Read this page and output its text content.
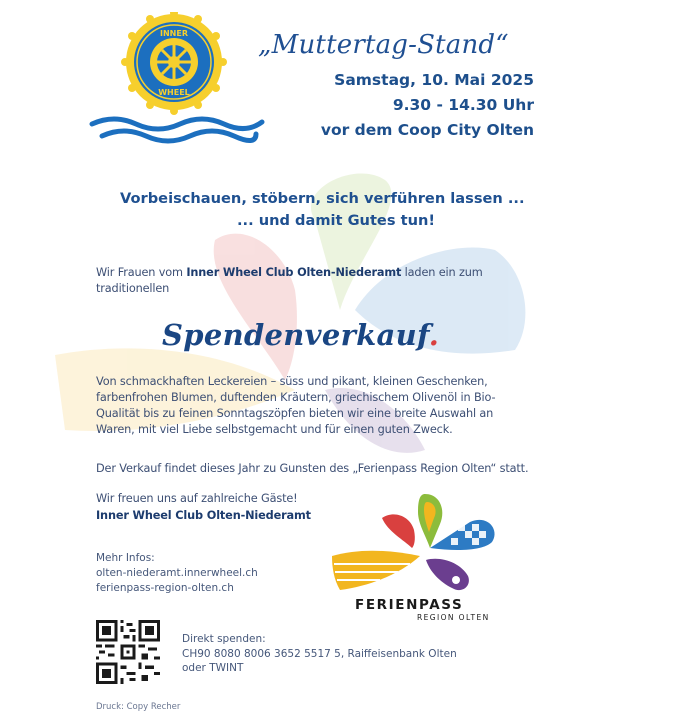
INNER
WHEEL
„Muttertag-Stand“
Samstag, 10. Mai 2025
9.30 - 14.30 Uhr
vor dem Coop City Olten
Vorbeischauen, stöbern, sich verführen lassen ...
... und damit Gutes tun!
Wir Frauen vom Inner Wheel Club Olten-Niederamt laden ein zum
traditionellen
Spendenverkauf.
Von schmackhaften Leckereien – süss und pikant, kleinen Geschenken,
farbenfrohen Blumen, duftenden Kräutern, griechischem Olivenöl in Bio-
Qualität bis zu feinen Sonntagszöpfen bieten wir eine breite Auswahl an
Waren, mit viel Liebe selbstgemacht und für einen guten Zweck.
Der Verkauf findet dieses Jahr zu Gunsten des „Ferienpass Region Olten“ statt.
Wir freuen uns auf zahlreiche Gäste!
Inner Wheel Club Olten-Niederamt
Mehr Infos:
olten-niederamt.innerwheel.ch
ferienpass-region-olten.ch
FERIENPASS
REGION OLTEN
Direkt spenden:
CH90 8080 8006 3652 5517 5, Raiffeisenbank Olten
oder TWINT
Druck: Copy Recher
